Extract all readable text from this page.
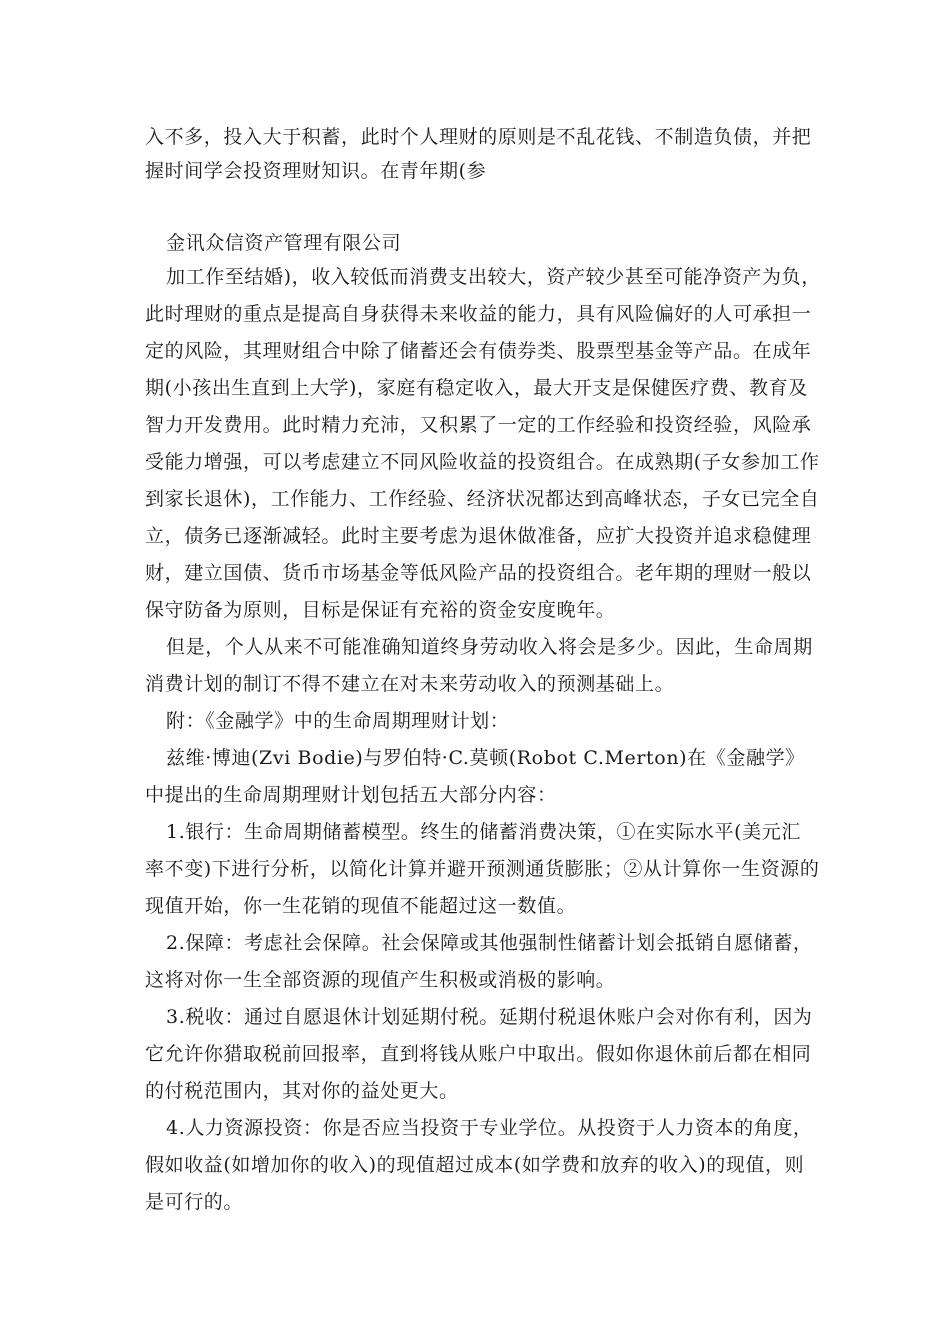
入不多，投入大于积蓄，此时个人理财的原则是不乱花钱、不制造负债，并把
握时间学会投资理财知识。在青年期(参
金讯众信资产管理有限公司
加工作至结婚)，收入较低而消费支出较大，资产较少甚至可能净资产为负，
此时理财的重点是提高自身获得未来收益的能力，具有风险偏好的人可承担一
定的风险，其理财组合中除了储蓄还会有债券类、股票型基金等产品。在成年
期(小孩出生直到上大学)，家庭有稳定收入，最大开支是保健医疗费、教育及
智力开发费用。此时精力充沛，又积累了一定的工作经验和投资经验，风险承
受能力增强，可以考虑建立不同风险收益的投资组合。在成熟期(子女参加工作
到家长退休)，工作能力、工作经验、经济状况都达到高峰状态，子女已完全自
立，债务已逐渐减轻。此时主要考虑为退休做准备，应扩大投资并追求稳健理
财，建立国债、货币市场基金等低风险产品的投资组合。老年期的理财一般以
保守防备为原则，目标是保证有充裕的资金安度晚年。
但是，个人从来不可能准确知道终身劳动收入将会是多少。因此，生命周期
消费计划的制订不得不建立在对未来劳动收入的预测基础上。
附：《金融学》中的生命周期理财计划：
兹维·博迪(Zvi Bodie)与罗伯特·C.莫顿(Robot C.Merton)在《金融学》
中提出的生命周期理财计划包括五大部分内容：
1.银行：生命周期储蓄模型。终生的储蓄消费决策，①在实际水平(美元汇
率不变)下进行分析，以简化计算并避开预测通货膨胀；②从计算你一生资源的
现值开始，你一生花销的现值不能超过这一数值。
2.保障：考虑社会保障。社会保障或其他强制性储蓄计划会抵销自愿储蓄，
这将对你一生全部资源的现值产生积极或消极的影响。
3.税收：通过自愿退休计划延期付税。延期付税退休账户会对你有利，因为
它允许你猎取税前回报率，直到将钱从账户中取出。假如你退休前后都在相同
的付税范围内，其对你的益处更大。
4.人力资源投资：你是否应当投资于专业学位。从投资于人力资本的角度，
假如收益(如增加你的收入)的现值超过成本(如学费和放弃的收入)的现值，则
是可行的。
